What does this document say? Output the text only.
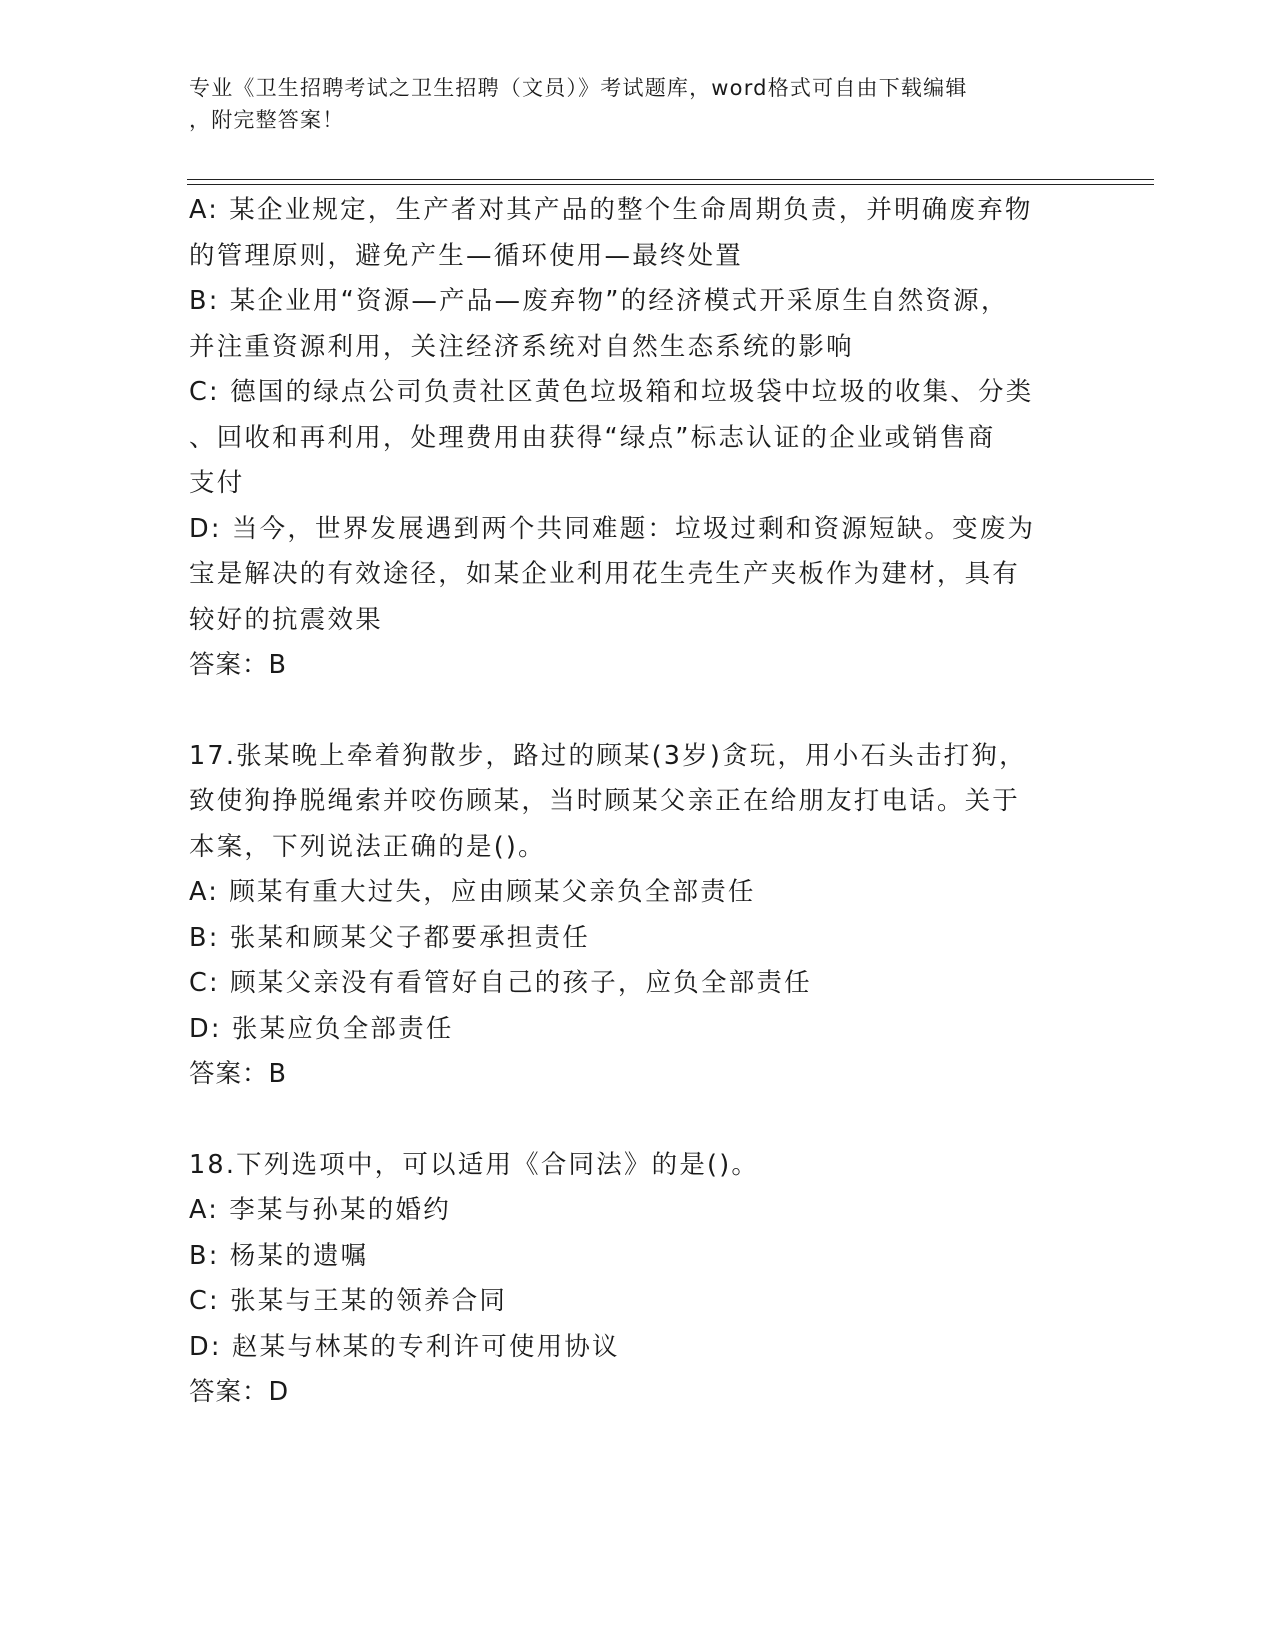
专业《卫生招聘考试之卫生招聘（文员）》考试题库，word格式可自由下载编辑
，附完整答案！
A: 某企业规定，生产者对其产品的整个生命周期负责，并明确废弃物
的管理原则，避免产生—循环使用—最终处置
B: 某企业用“资源—产品—废弃物”的经济模式开采原生自然资源，
并注重资源利用，关注经济系统对自然生态系统的影响
C: 德国的绿点公司负责社区黄色垃圾箱和垃圾袋中垃圾的收集、分类
、回收和再利用，处理费用由获得“绿点”标志认证的企业或销售商
支付
D: 当今，世界发展遇到两个共同难题：垃圾过剩和资源短缺。变废为
宝是解决的有效途径，如某企业利用花生壳生产夹板作为建材，具有
较好的抗震效果
答案：B
17.张某晚上牵着狗散步，路过的顾某(3岁)贪玩，用小石头击打狗，
致使狗挣脱绳索并咬伤顾某，当时顾某父亲正在给朋友打电话。关于
本案，下列说法正确的是()。
A: 顾某有重大过失，应由顾某父亲负全部责任
B: 张某和顾某父子都要承担责任
C: 顾某父亲没有看管好自己的孩子，应负全部责任
D: 张某应负全部责任
答案：B
18.下列选项中，可以适用《合同法》的是()。
A: 李某与孙某的婚约
B: 杨某的遗嘱
C: 张某与王某的领养合同
D: 赵某与林某的专利许可使用协议
答案：D
